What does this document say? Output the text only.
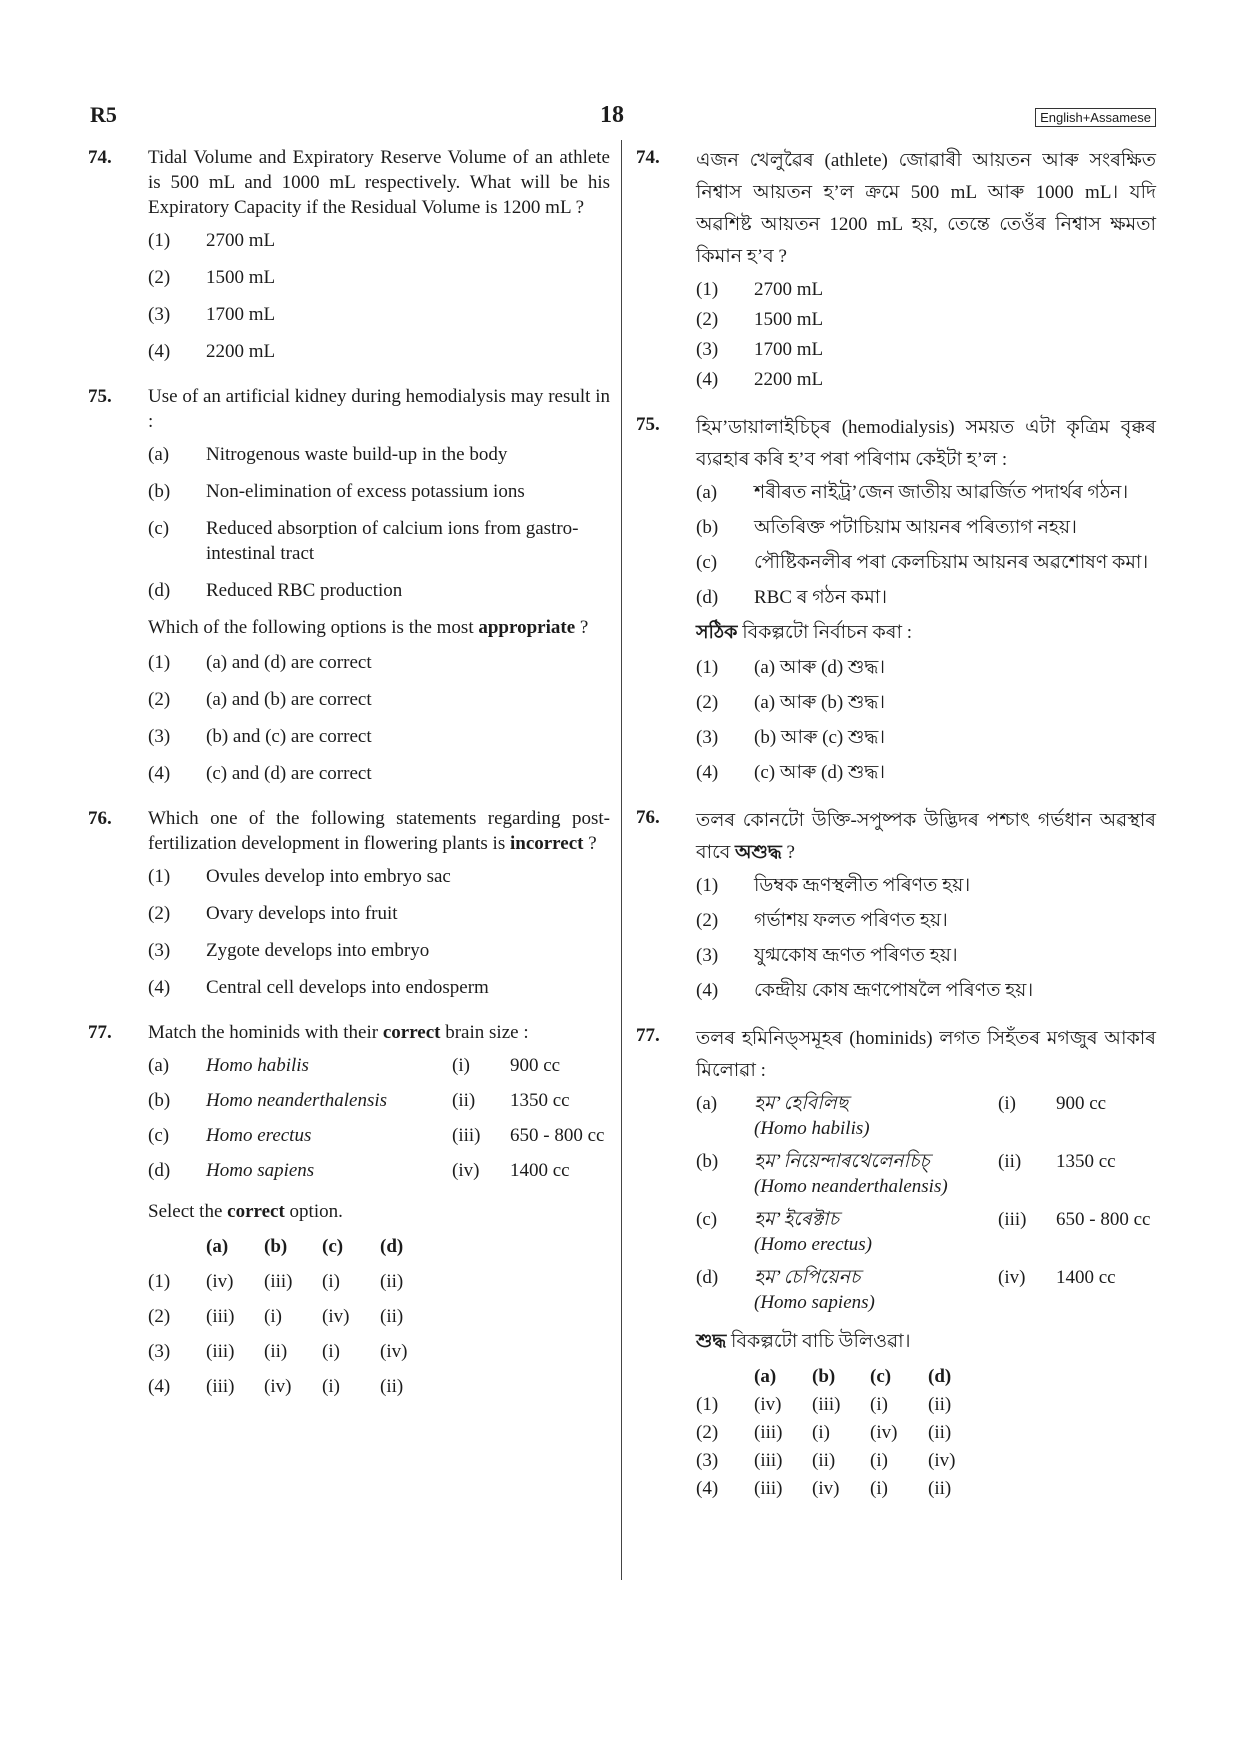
R5	18	English+Assamese
74. Tidal Volume and Expiratory Reserve Volume of an athlete is 500 mL and 1000 mL respectively. What will be his Expiratory Capacity if the Residual Volume is 1200 mL ?
(1)	2700 mL
(2)	1500 mL
(3)	1700 mL
(4)	2200 mL
75. Use of an artificial kidney during hemodialysis may result in :
(a)	Nitrogenous waste build-up in the body
(b)	Non-elimination of excess potassium ions
(c)	Reduced absorption of calcium ions from gastro-intestinal tract
(d)	Reduced RBC production
Which of the following options is the most appropriate ?
(1)	(a) and (d) are correct
(2)	(a) and (b) are correct
(3)	(b) and (c) are correct
(4)	(c) and (d) are correct
76. Which one of the following statements regarding post-fertilization development in flowering plants is incorrect ?
(1)	Ovules develop into embryo sac
(2)	Ovary develops into fruit
(3)	Zygote develops into embryo
(4)	Central cell develops into endosperm
77. Match the hominids with their correct brain size :
(a)	Homo habilis	(i)	900 cc
(b)	Homo neanderthalensis	(ii)	1350 cc
(c)	Homo erectus	(iii)	650 - 800 cc
(d)	Homo sapiens	(iv)	1400 cc
Select the correct option.
	(a)	(b)	(c)	(d)
(1)	(iv)	(iii)	(i)	(ii)
(2)	(iii)	(i)	(iv)	(ii)
(3)	(iii)	(ii)	(i)	(iv)
(4)	(iii)	(iv)	(i)	(ii)
74. এজন খেলুৱৈৰ (athlete) জোৱাৰী আয়তন আৰু সংৰক্ষিত নিশ্বাস আয়তন হ’ল ক্ৰমে 500 mL আৰু 1000 mL। যদি অৱশিষ্ট আয়তন 1200 mL হয়, তেন্তে তেওঁৰ নিশ্বাস ক্ষমতা কিমান হ’ব ?
(1)	2700 mL
(2)	1500 mL
(3)	1700 mL
(4)	2200 mL
75. হিম’ডায়ালাইচিচ্‌ৰ (hemodialysis) সময়ত এটা কৃত্ৰিম বৃক্কৰ ব্যৱহাৰ কৰি হ’ব পৰা পৰিণাম কেইটা হ’ল :
(a)	শৰীৰত নাইট্ৰ’জেন জাতীয় আৱৰ্জিত পদাৰ্থৰ গঠন।
(b)	অতিৰিক্ত পটাচিয়াম আয়নৰ পৰিত্যাগ নহয়।
(c)	পৌষ্টিকনলীৰ পৰা কেলচিয়াম আয়নৰ অৱশোষণ কমা।
(d)	RBC ৰ গঠন কমা।
সঠিক বিকল্পটো নিৰ্বাচন কৰা :
(1)	(a) আৰু (d) শুদ্ধ।
(2)	(a) আৰু (b) শুদ্ধ।
(3)	(b) আৰু (c) শুদ্ধ।
(4)	(c) আৰু (d) শুদ্ধ।
76. তলৰ কোনটো উক্তি-সপুষ্পক উদ্ভিদৰ পশ্চাৎ গৰ্ভধান অৱস্থাৰ বাবে অশুদ্ধ ?
(1)	ডিম্বক ভ্ৰূণস্থলীত পৰিণত হয়।
(2)	গৰ্ভাশয় ফলত পৰিণত হয়।
(3)	যুগ্মকোষ ভ্ৰূণত পৰিণত হয়।
(4)	কেন্দ্ৰীয় কোষ ভ্ৰূণপোষলৈ পৰিণত হয়।
77. তলৰ হমিনিড্‌সমূহৰ (hominids) লগত সিহঁতৰ মগজুৰ আকাৰ মিলোৱা :
(a)	হম’ হেবিলিছ
(Homo habilis)	(i)	900 cc
(b)	হম’ নিয়েন্দাৰথেলেনচিচ্
(Homo neanderthalensis)	(ii)	1350 cc
(c)	হম’ ইৰেক্টাচ
(Homo erectus)	(iii)	650 - 800 cc
(d)	হম’ চেপিয়েনচ
(Homo sapiens)	(iv)	1400 cc
শুদ্ধ বিকল্পটো বাচি উলিওৱা।
	(a)	(b)	(c)	(d)
(1)	(iv)	(iii)	(i)	(ii)
(2)	(iii)	(i)	(iv)	(ii)
(3)	(iii)	(ii)	(i)	(iv)
(4)	(iii)	(iv)	(i)	(ii)
